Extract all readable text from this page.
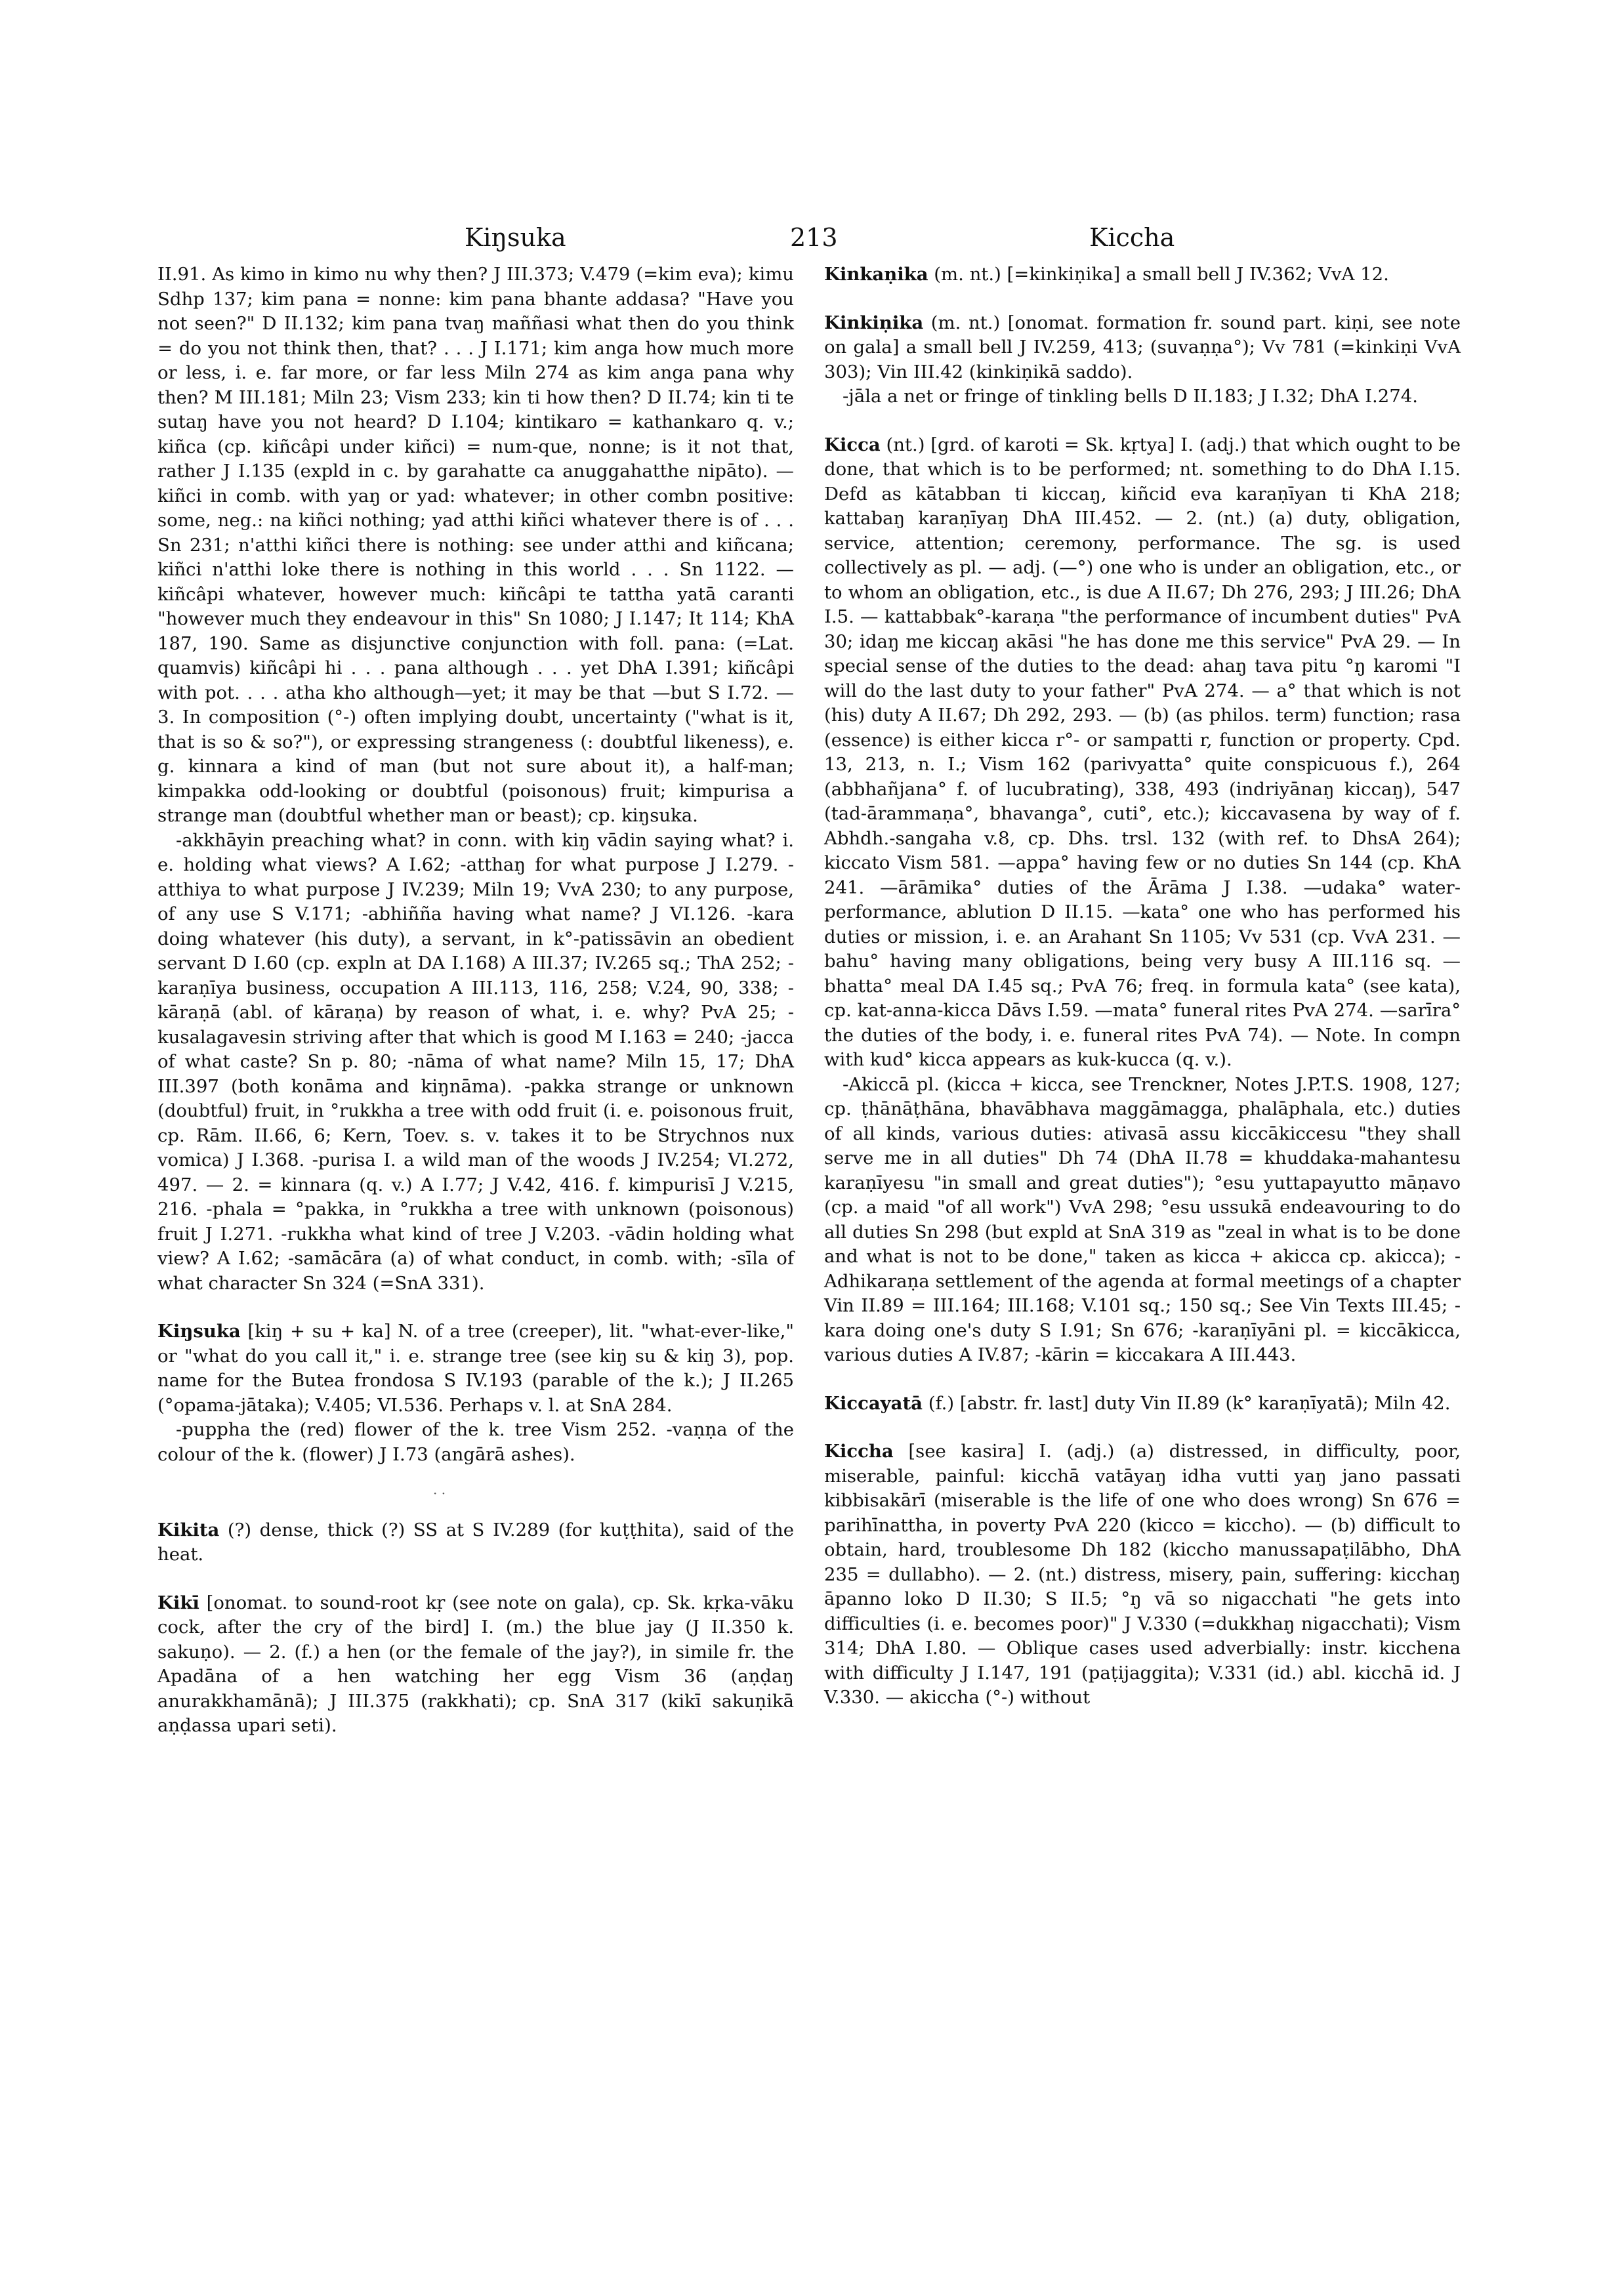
Kiŋsuka	213	Kiccha

II.91. As kimo in kimo nu why then? J III.373; V.479 (=kim eva); kimu Sdhp 137; kim pana = nonne: kim pana bhante addasa? "Have you not seen?" D II.132; kim pana tvaŋ maññasi what then do you think = do you not think then, that? . . . J I.171; kim anga how much more or less, i. e. far more, or far less Miln 274 as kim anga pana why then? M III.181; Miln 23; Vism 233; kin ti how then? D II.74; kin ti te sutaŋ have you not heard? D I.104; kintikaro = kathankaro q. v.; kiñca (cp. kiñcâpi under kiñci) = num-que, nonne; is it not that, rather J I.135 (expld in c. by garahatte ca anuggahatthe nipāto). — kiñci in comb. with yaŋ or yad: whatever; in other combn positive: some, neg.: na kiñci nothing; yad atthi kiñci whatever there is of . . . Sn 231; n'atthi kiñci there is nothing: see under atthi and kiñcana; kiñci n'atthi loke there is nothing in this world . . . Sn 1122. — kiñcâpi whatever, however much: kiñcâpi te tattha yatā caranti "however much they endeavour in this" Sn 1080; J I.147; It 114; KhA 187, 190. Same as disjunctive conjunction with foll. pana: (=Lat. quamvis) kiñcâpi hi . . . pana although . . . yet DhA I.391; kiñcâpi with pot. . . . atha kho although—yet; it may be that —but S I.72. — 3. In composition (°-) often implying doubt, uncertainty ("what is it, that is so & so?"), or expressing strangeness (: doubtful likeness), e. g. kinnara a kind of man (but not sure about it), a half-man; kimpakka odd-looking or doubtful (poisonous) fruit; kimpurisa a strange man (doubtful whether man or beast); cp. kiŋsuka.

-akkhāyin preaching what? in conn. with kiŋ vādin saying what? i. e. holding what views? A I.62; -atthaŋ for what purpose J I.279. -atthiya to what purpose J IV.239; Miln 19; VvA 230; to any purpose, of any use S V.171; -abhiñña having what name? J VI.126. -kara doing whatever (his duty), a servant, in k°-patissāvin an obedient servant D I.60 (cp. expln at DA I.168) A III.37; IV.265 sq.; ThA 252; -karaṇīya business, occupation A III.113, 116, 258; V.24, 90, 338; -kāraṇā (abl. of kāraṇa) by reason of what, i. e. why? PvA 25; -kusalagavesin striving after that which is good M I.163 = 240; -jacca of what caste? Sn p. 80; -nāma of what name? Miln 15, 17; DhA III.397 (both konāma and kiŋnāma). -pakka strange or unknown (doubtful) fruit, in °rukkha a tree with odd fruit (i. e. poisonous fruit, cp. Rām. II.66, 6; Kern, Toev. s. v. takes it to be Strychnos nux vomica) J I.368. -purisa I. a wild man of the woods J IV.254; VI.272, 497. — 2. = kinnara (q. v.) A I.77; J V.42, 416. f. kimpurisī J V.215, 216. -phala = °pakka, in °rukkha a tree with unknown (poisonous) fruit J I.271. -rukkha what kind of tree J V.203. -vādin holding what view? A I.62; -samācāra (a) of what conduct, in comb. with; -sīla of what character Sn 324 (=SnA 331).

Kiŋsuka [kiŋ + su + ka] N. of a tree (creeper), lit. "what-ever-like," or "what do you call it," i. e. strange tree (see kiŋ su & kiŋ 3), pop. name for the Butea frondosa S IV.193 (parable of the k.); J II.265 (°opama-jātaka); V.405; VI.536. Perhaps v. l. at SnA 284.

-puppha the (red) flower of the k. tree Vism 252. -vaṇṇa of the colour of the k. (flower) J I.73 (angārā ashes).

· ·
Kikita (?) dense, thick (?) SS at S IV.289 (for kuṭṭhita), said of the heat.
Kikī [onomat. to sound-root kṛ (see note on gala), cp. Sk. kṛka-vāku cock, after the cry of the bird] I. (m.) the blue jay (J II.350 k. sakuṇo). — 2. (f.) a hen (or the female of the jay?), in simile fr. the Apadāna of a hen watching her egg Vism 36 (aṇḍaŋ anurakkhamānā); J III.375 (rakkhati); cp. SnA 317 (kikī sakuṇikā aṇḍassa upari seti).
Kinkaṇika (m. nt.) [=kinkiṇika] a small bell J IV.362; VvA 12.
Kinkiṇika (m. nt.) [onomat. formation fr. sound part. kiṇi, see note on gala] a small bell J IV.259, 413; (suvaṇṇa°); Vv 781 (=kinkiṇi VvA 303); Vin III.42 (kinkiṇikā saddo).

-jāla a net or fringe of tinkling bells D II.183; J I.32; DhA I.274.

Kicca (nt.) [grd. of karoti = Sk. kṛtya] I. (adj.) that which ought to be done, that which is to be performed; nt. something to do DhA I.15. Defd as kātabban ti kiccaŋ, kiñcid eva karaṇīyan ti KhA 218; kattabaŋ karaṇīyaŋ DhA III.452. — 2. (nt.) (a) duty, obligation, service, attention; ceremony, performance. The sg. is used collectively as pl. — adj. (—°) one who is under an obligation, etc., or to whom an obligation, etc., is due A II.67; Dh 276, 293; J III.26; DhA I.5. — kattabbak°-karaṇa "the performance of incumbent duties" PvA 30; idaŋ me kiccaŋ akāsi "he has done me this service" PvA 29. — In special sense of the duties to the dead: ahaŋ tava pitu °ŋ karomi "I will do the last duty to your father" PvA 274. — a° that which is not (his) duty A II.67; Dh 292, 293. — (b) (as philos. term) function; rasa (essence) is either kicca r°- or sampatti r, function or property. Cpd. 13, 213, n. I.; Vism 162 (parivyatta° quite conspicuous f.), 264 (abbhañjana° f. of lucubrating), 338, 493 (indriyānaŋ kiccaŋ), 547 (tad-ārammaṇa°, bhavanga°, cuti°, etc.); kiccavasena by way of f. Abhdh.-sangaha v.8, cp. Dhs. trsl. 132 (with ref. to DhsA 264); kiccato Vism 581. —appa° having few or no duties Sn 144 (cp. KhA 241. —ārāmika° duties of the Ārāma J I.38. —udaka° water-performance, ablution D II.15. —kata° one who has performed his duties or mission, i. e. an Arahant Sn 1105; Vv 531 (cp. VvA 231. —bahu° having many obligations, being very busy A III.116 sq. —bhatta° meal DA I.45 sq.; PvA 76; freq. in formula kata° (see kata), cp. kat-anna-kicca Dāvs I.59. —mata° funeral rites PvA 274. —sarīra° the duties of the body, i. e. funeral rites PvA 74). — Note. In compn with kud° kicca appears as kuk-kucca (q. v.).

-Akiccā pl. (kicca + kicca, see Trenckner, Notes J.P.T.S. 1908, 127; cp. ṭhānāṭhāna, bhavābhava maggāmagga, phalāphala, etc.) duties of all kinds, various duties: ativasā assu kiccākiccesu "they shall serve me in all duties" Dh 74 (DhA II.78 = khuddaka-mahantesu karaṇīyesu "in small and great duties"); °esu yuttapayutto māṇavo (cp. a maid "of all work") VvA 298; °esu ussukā endeavouring to do all duties Sn 298 (but expld at SnA 319 as "zeal in what is to be done and what is not to be done," taken as kicca + akicca cp. akicca); -Adhikaraṇa settlement of the agenda at formal meetings of a chapter Vin II.89 = III.164; III.168; V.101 sq.; 150 sq.; See Vin Texts III.45; -kara doing one's duty S I.91; Sn 676; -karaṇīyāni pl. = kiccākicca, various duties A IV.87; -kārin = kiccakara A III.443.

Kiccayatā (f.) [abstr. fr. last] duty Vin II.89 (k° karaṇīyatā); Miln 42.
Kiccha [see kasira] I. (adj.) (a) distressed, in difficulty, poor, miserable, painful: kicchā vatāyaŋ idha vutti yaŋ jano passati kibbisakārī (miserable is the life of one who does wrong) Sn 676 = parihīnattha, in poverty PvA 220 (kicco = kiccho). — (b) difficult to obtain, hard, troublesome Dh 182 (kiccho manussapaṭilābho, DhA 235 = dullabho). — 2. (nt.) distress, misery, pain, suffering: kicchaŋ āpanno loko D II.30; S II.5; °ŋ vā so nigacchati "he gets into difficulties (i. e. becomes poor)" J V.330 (=dukkhaŋ nigacchati); Vism 314; DhA I.80. — Oblique cases used adverbially: instr. kicchena with difficulty J I.147, 191 (paṭijaggita); V.331 (id.) abl. kicchā id. J V.330. — akiccha (°-) without
